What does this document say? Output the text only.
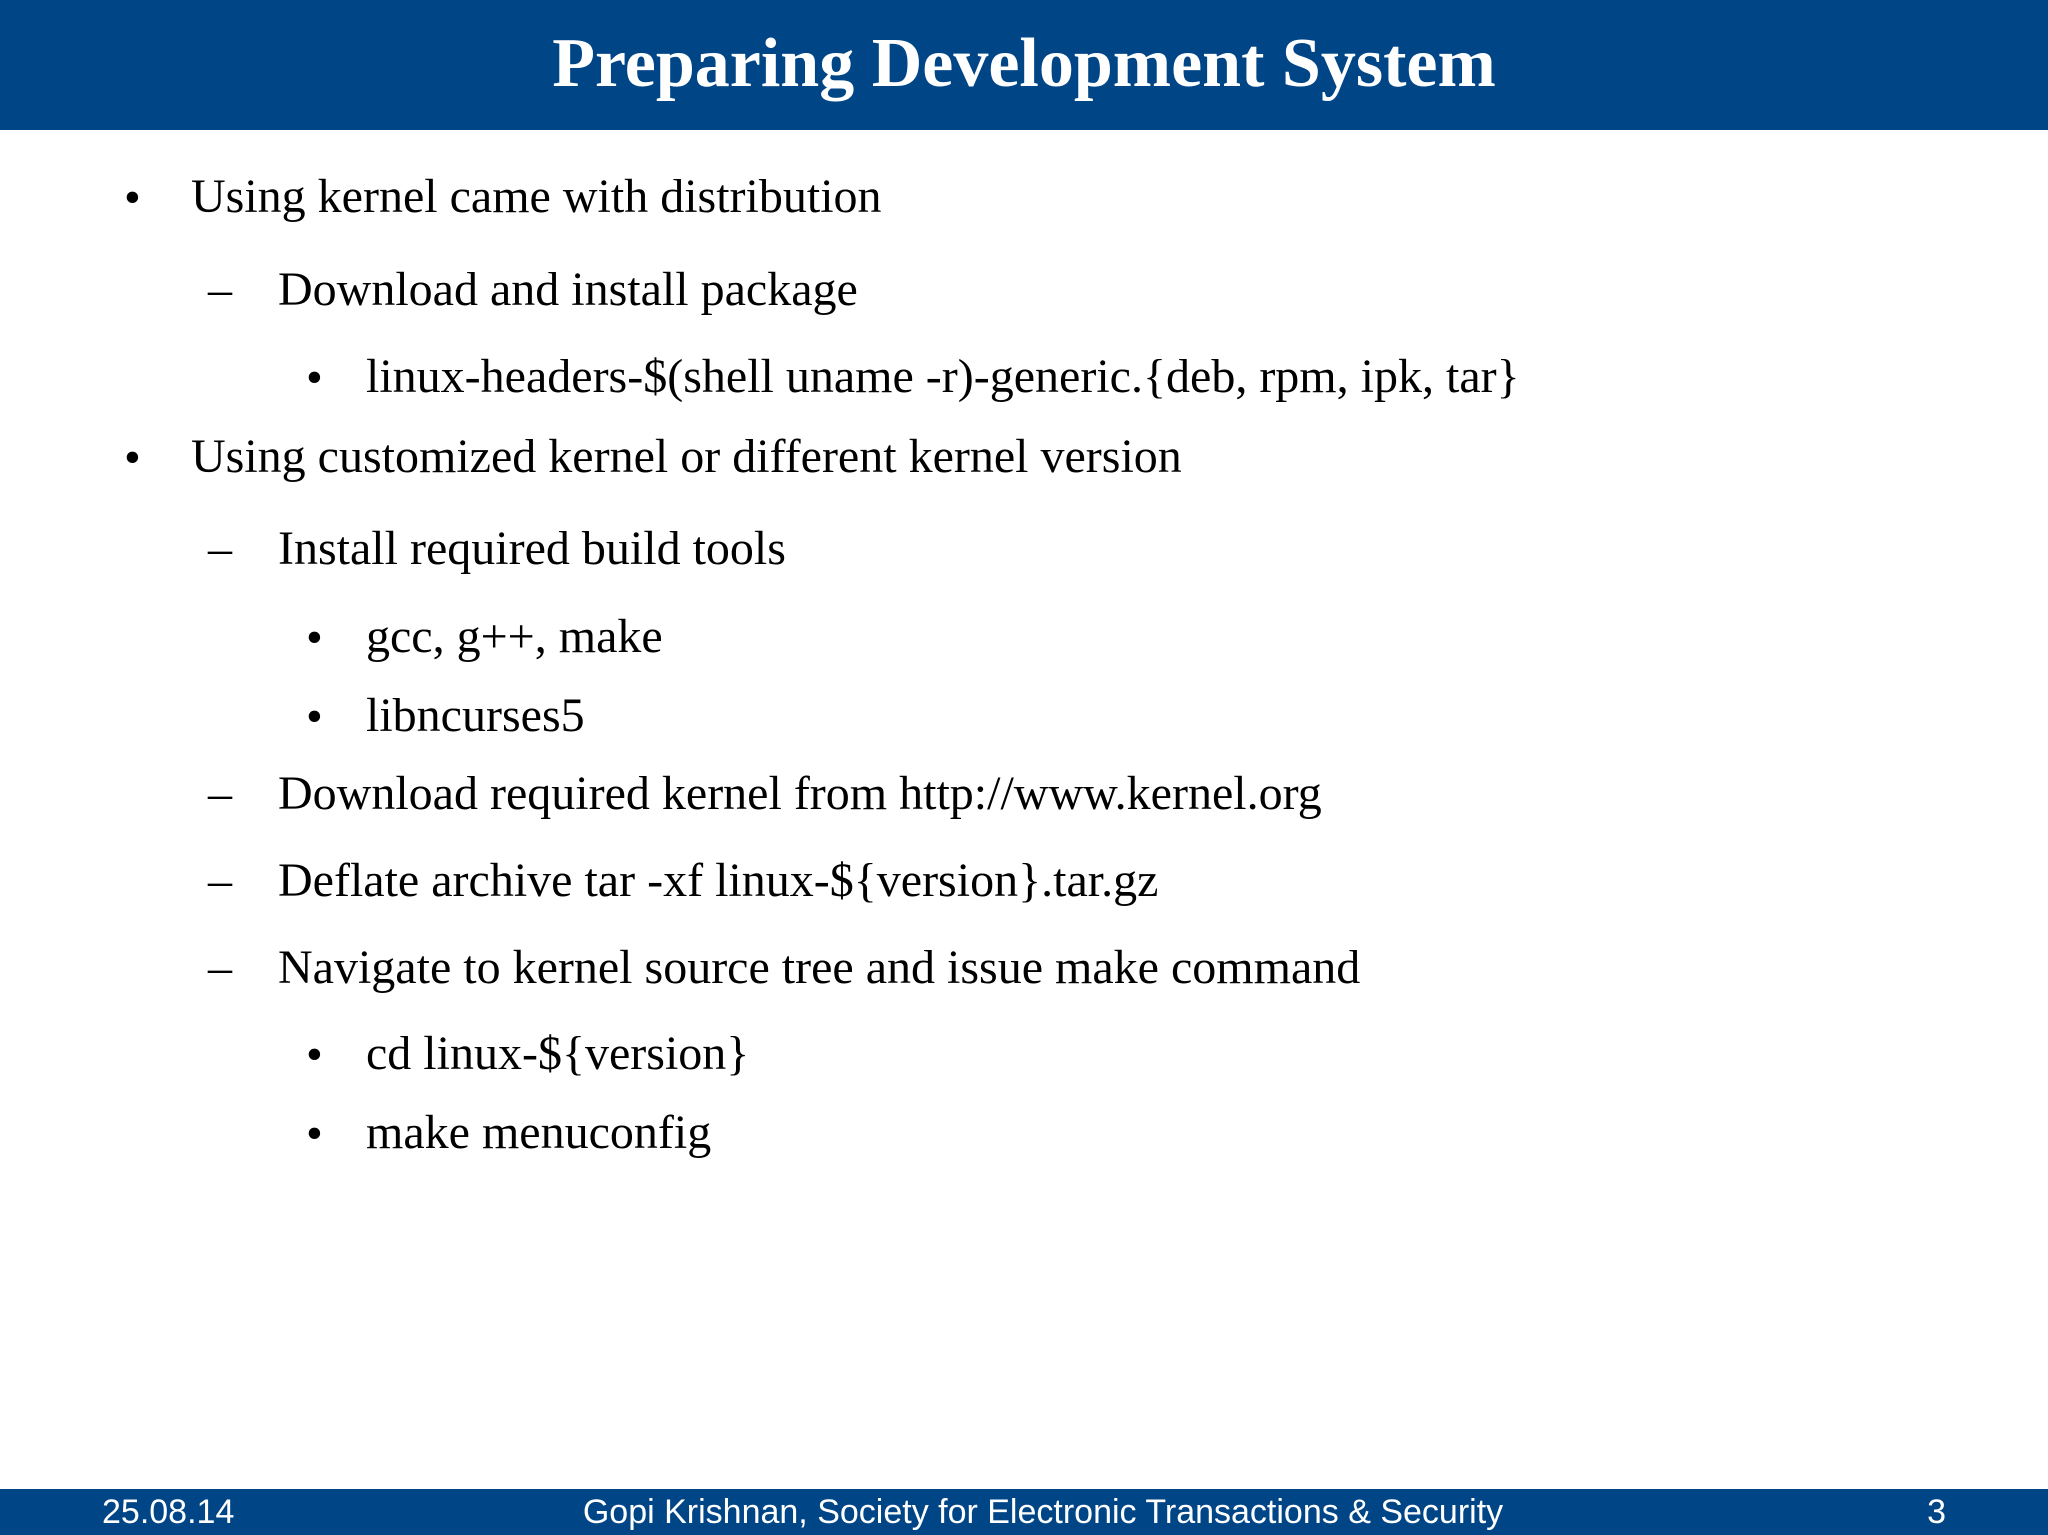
Preparing Development System
• Using kernel came with distribution
– Download and install package
• linux-headers-$(shell uname -r)-generic.{deb, rpm, ipk, tar}
• Using customized kernel or different kernel version
– Install required build tools
• gcc, g++, make
• libncurses5
– Download required kernel from http://www.kernel.org
– Deflate archive tar -xf linux-${version}.tar.gz
– Navigate to kernel source tree and issue make command
• cd linux-${version}
• make menuconfig
25.08.14	Gopi Krishnan, Society for Electronic Transactions & Security	3
